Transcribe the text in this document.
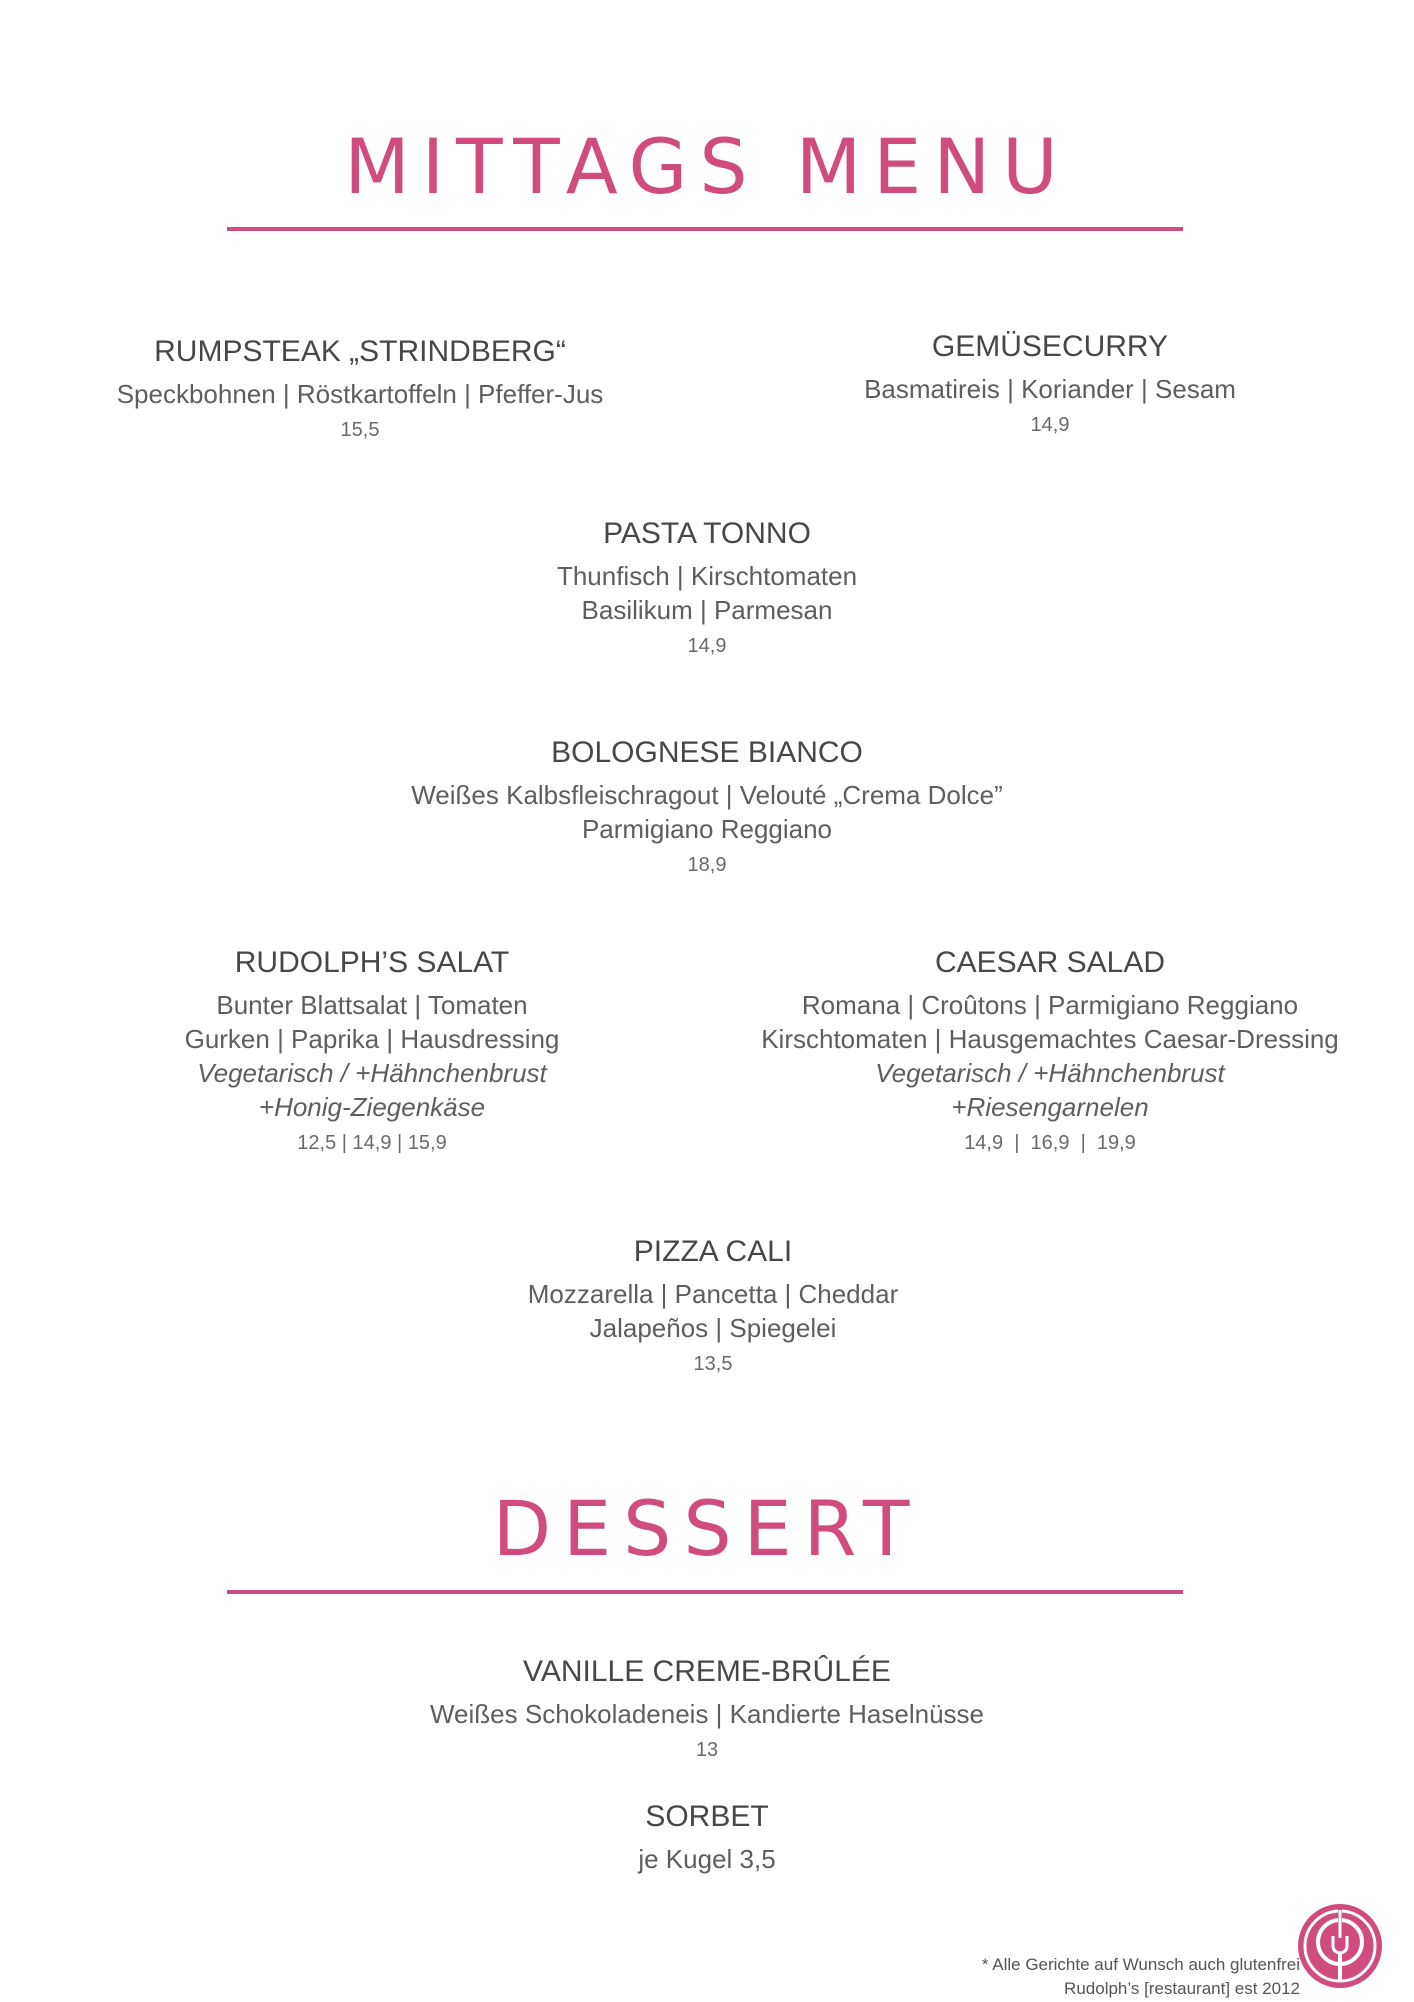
MITTAGS MENU

RUMPSTEAK „STRINDBERG“

Speckbohnen | Röstkartoffeln | Pfeffer-Jus

15,5

GEMÜSECURRY

Basmatireis | Koriander | Sesam

14,9

PASTA TONNO

Thunfisch | Kirschtomaten

Basilikum | Parmesan

14,9

BOLOGNESE BIANCO

Weißes Kalbsfleischragout | Velouté „Crema Dolce”

Parmigiano Reggiano

18,9

RUDOLPH’S SALAT

Bunter Blattsalat | Tomaten

Gurken | Paprika | Hausdressing

Vegetarisch / +Hähnchenbrust

+Honig-Ziegenkäse

12,5 | 14,9 | 15,9

CAESAR SALAD

Romana | Croûtons | Parmigiano Reggiano

Kirschtomaten | Hausgemachtes Caesar-Dressing

Vegetarisch / +Hähnchenbrust

+Riesengarnelen

14,9  |  16,9  |  19,9

PIZZA CALI

Mozzarella | Pancetta | Cheddar

Jalapeños | Spiegelei

13,5

DESSERT

VANILLE CREME-BRÛLÉE

Weißes Schokoladeneis | Kandierte Haselnüsse

13

SORBET

je Kugel 3,5

* Alle Gerichte auf Wunsch auch glutenfrei
Rudolph’s [restaurant] est 2012
